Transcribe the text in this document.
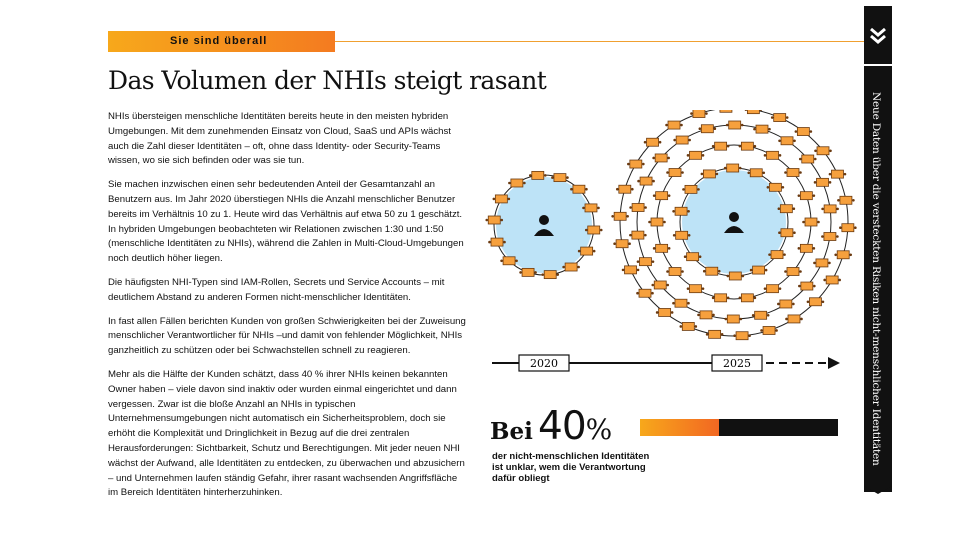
Sie sind überall
Das Volumen der NHIs steigt rasant

NHIs übersteigen menschliche Identitäten bereits heute in den meisten hybriden Umgebungen. Mit dem zunehmenden Einsatz von Cloud, SaaS und APIs wächst auch die Zahl dieser Identitäten – oft, ohne dass Identity- oder Security-Teams wissen, wo sie sich befinden oder was sie tun.

Sie machen inzwischen einen sehr bedeutenden Anteil der Gesamtanzahl an Benutzern aus. Im Jahr 2020 überstiegen NHIs die Anzahl menschlicher Benutzer bereits im Verhältnis 10 zu 1. Heute wird das Verhältnis auf etwa 50 zu 1 geschätzt. In hybriden Umgebungen beobachteten wir Relationen zwischen 1:30 und 1:50 (menschliche Identitäten zu NHIs), während die Zahlen in Multi-Cloud-Umgebungen noch deutlich höher liegen.

Die häufigsten NHI-Typen sind IAM-Rollen, Secrets und Service Accounts – mit deutlichem Abstand zu anderen Formen nicht-menschlicher Identitäten.

In fast allen Fällen berichten Kunden von großen Schwierigkeiten bei der Zuweisung menschlicher Verantwortlicher für NHIs –und damit von fehlender Möglichkeit, NHIs ganzheitlich zu schützen oder bei Schwachstellen schnell zu reagieren.

Mehr als die Hälfte der Kunden schätzt, dass 40 % ihrer NHIs keinen bekannten Owner haben – viele davon sind inaktiv oder wurden einmal eingerichtet und dann vergessen. Zwar ist die bloße Anzahl an NHIs in typischen Unternehmensumgebungen nicht automatisch ein Sicherheitsproblem, doch sie erhöht die Komplexität und Dringlichkeit in Bezug auf die drei zentralen Herausforderungen: Sichtbarkeit, Schutz und Berechtigungen. Mit jeder neuen NHI wächst der Aufwand, alle Identitäten zu entdecken, zu überwachen und abzusichern – und Unternehmen laufen ständig Gefahr, ihrer rasant wachsenden Angriffsfläche im Bereich Identitäten hinterherzuhinken.

Neue Daten über die versteckten Risiken nicht-menschlicher Identitäten
2020	2025
Bei 40%
der nicht-menschlichen Identitäten ist unklar, wem die Verantwortung dafür obliegt
